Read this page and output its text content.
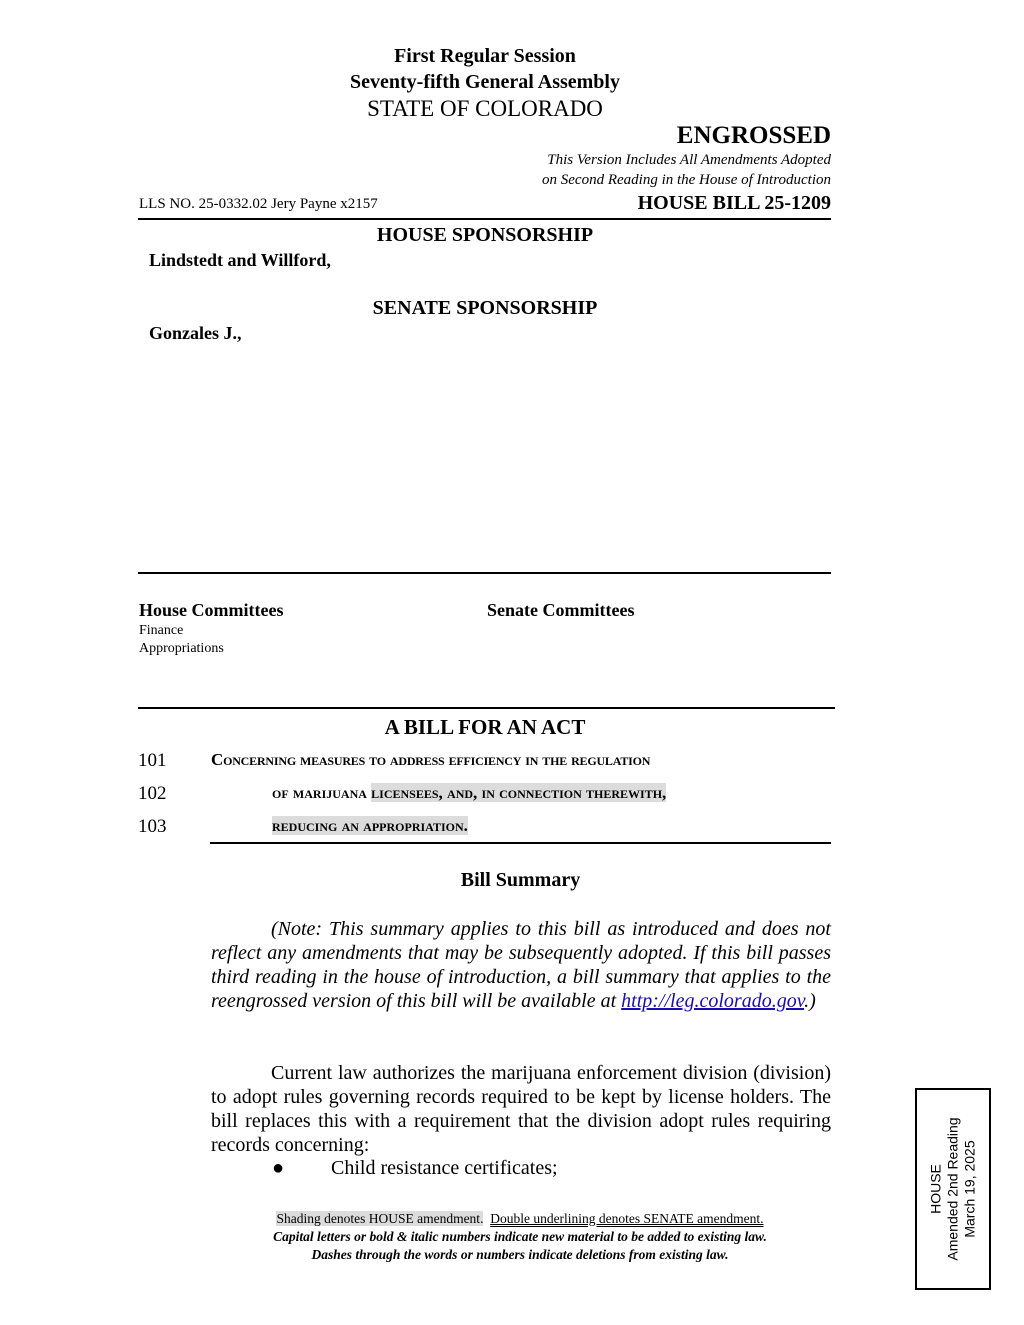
First Regular Session
Seventy-fifth General Assembly
STATE OF COLORADO
ENGROSSED
This Version Includes All Amendments Adopted
on Second Reading in the House of Introduction
LLS NO. 25-0332.02 Jery Payne x2157	HOUSE BILL 25-1209
HOUSE SPONSORSHIP
Lindstedt and Willford,
SENATE SPONSORSHIP
Gonzales J.,
House Committees
Finance
Appropriations
Senate Committees
A BILL FOR AN ACT
101	Concerning measures to address efficiency in the regulation
102	of marijuana licensees, and, in connection therewith,
103	reducing an appropriation.
Bill Summary
(Note: This summary applies to this bill as introduced and does not reflect any amendments that may be subsequently adopted. If this bill passes third reading in the house of introduction, a bill summary that applies to the reengrossed version of this bill will be available at http://leg.colorado.gov.)
Current law authorizes the marijuana enforcement division (division) to adopt rules governing records required to be kept by license holders. The bill replaces this with a requirement that the division adopt rules requiring records concerning:
● Child resistance certificates;
Shading denotes HOUSE amendment. Double underlining denotes SENATE amendment.
Capital letters or bold & italic numbers indicate new material to be added to existing law.
Dashes through the words or numbers indicate deletions from existing law.
HOUSE Amended 2nd Reading March 19, 2025
